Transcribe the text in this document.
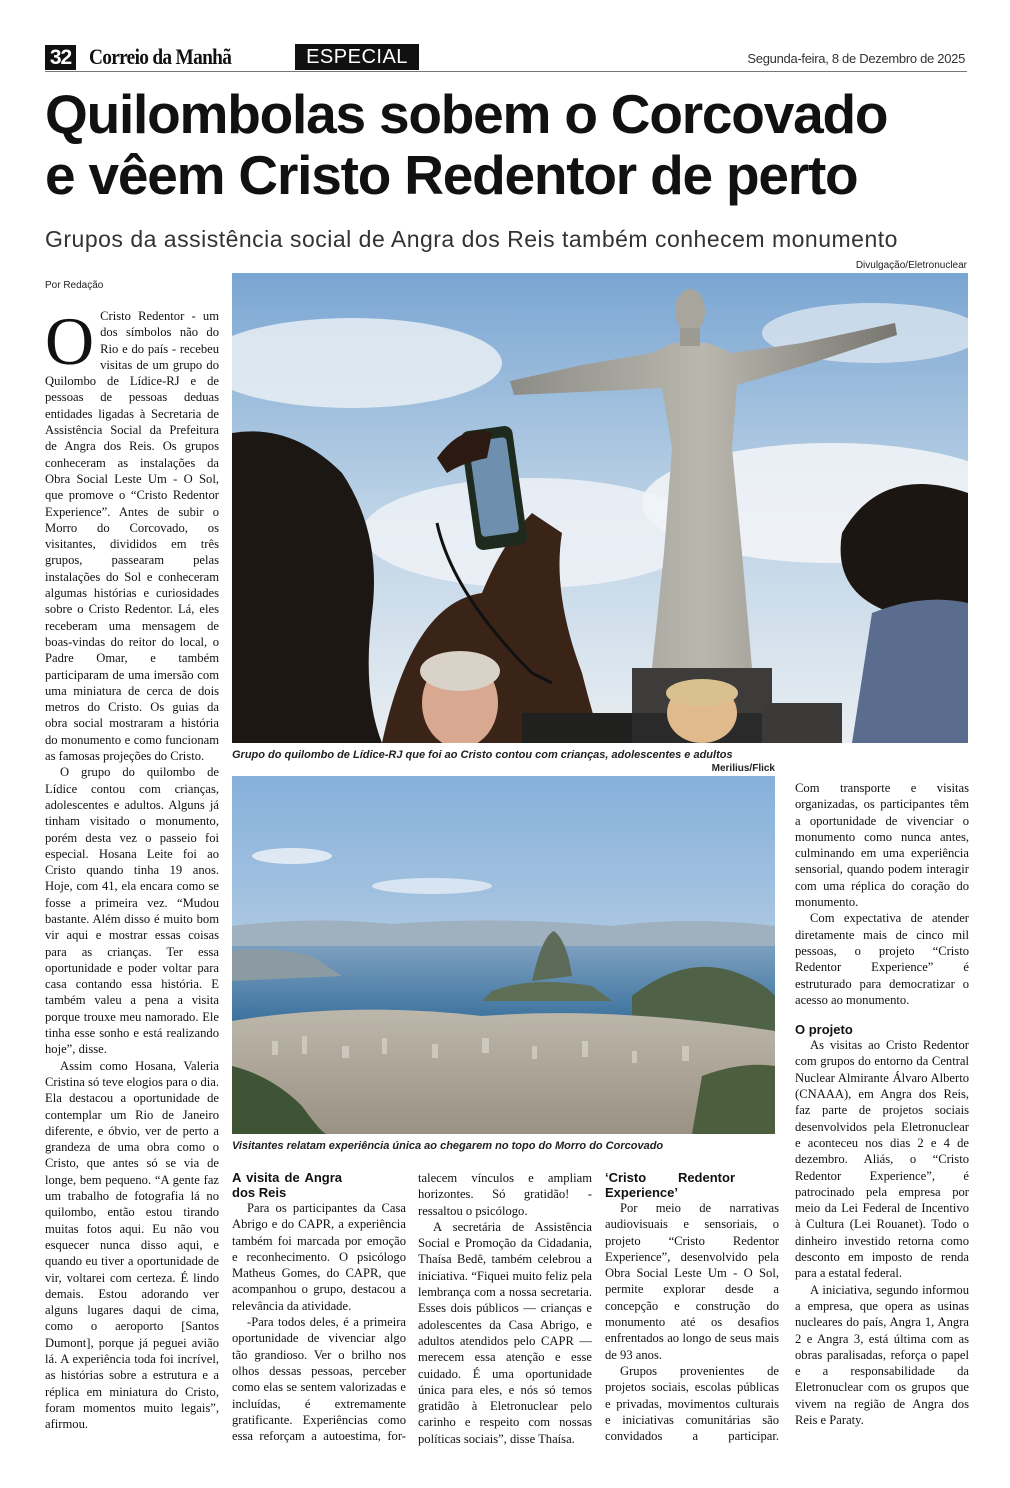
32 Correio da Manhã	ESPECIAL	Segunda-feira, 8 de Dezembro de 2025
Quilombolas sobem o Corcovado
e vêem Cristo Redentor de perto
Grupos da assistência social de Angra dos Reis também conhecem monumento
Por Redação
Divulgação/Eletronuclear
Grupo do quilombo de Lídice-RJ que foi ao Cristo contou com crianças, adolescentes e adultos
Merilius/Flick
Visitantes relatam experiência única ao chegarem no topo do Morro do Corcovado

O Cristo Redentor - um dos símbolos não do Rio e do país - recebeu visitas de um grupo do Quilombo de Lídice-RJ e de pessoas de pessoas deduas entidades ligadas à Secretaria de Assistência Social da Prefeitura de Angra dos Reis. Os grupos conheceram as instalações da Obra Social Leste Um - O Sol, que promove o “Cristo Redentor Experience”. Antes de subir o Morro do Corcovado, os visitantes, divididos em três grupos, passearam pelas instalações do Sol e conheceram algumas histórias e curiosidades sobre o Cristo Redentor. Lá, eles receberam uma mensagem de boas-vindas do reitor do local, o Padre Omar, e também participaram de uma imersão com uma miniatura de cerca de dois metros do Cristo. Os guias da obra social mostraram a história do monumento e como funcionam as famosas projeções do Cristo.

O grupo do quilombo de Lídice contou com crianças, adolescentes e adultos. Alguns já tinham visitado o monumento, porém desta vez o passeio foi especial. Hosana Leite foi ao Cristo quando tinha 19 anos. Hoje, com 41, ela encara como se fosse a primeira vez. “Mudou bastante. Além disso é muito bom vir aqui e mostrar essas coisas para as crianças. Ter essa oportunidade e poder voltar para casa contando essa história. E também valeu a pena a visita porque trouxe meu namorado. Ele tinha esse sonho e está realizando hoje”, disse.

Assim como Hosana, Valeria Cristina só teve elogios para o dia. Ela destacou a oportunidade de contemplar um Rio de Janeiro diferente, e óbvio, ver de perto a grandeza de uma obra como o Cristo, que antes só se via de longe, bem pequeno. “A gente faz um trabalho de fotografia lá no quilombo, então estou tirando muitas fotos aqui. Eu não vou esquecer nunca disso aqui, e quando eu tiver a oportunidade de vir, voltarei com certeza. É lindo demais. Estou adorando ver alguns lugares daqui de cima, como o aeroporto [Santos Dumont], porque já peguei avião lá. A experiência toda foi incrível, as histórias sobre a estrutura e a réplica em miniatura do Cristo, foram momentos muito legais”, afirmou.

A visita de Angra dos Reis

Para os participantes da Casa Abrigo e do CAPR, a experiência também foi marcada por emoção e reconhecimento. O psicólogo Matheus Gomes, do CAPR, que acompanhou o grupo, destacou a relevância da atividade.

-Para todos deles, é a primeira oportunidade de vivenciar algo tão grandioso. Ver o brilho nos olhos dessas pessoas, perceber como elas se sentem valorizadas e incluídas, é extremamente gratificante. Experiências como essa reforçam a autoestima, for-

talecem vínculos e ampliam horizontes. Só gratidão! - ressaltou o psicólogo.

A secretária de Assistência Social e Promoção da Cidadania, Thaísa Bedê, também celebrou a iniciativa. “Fiquei muito feliz pela lembrança com a nossa secretaria. Esses dois públicos — crianças e adolescentes da Casa Abrigo, e adultos atendidos pelo CAPR — merecem essa atenção e esse cuidado. É uma oportunidade única para eles, e nós só temos gratidão à Eletronuclear pelo carinho e respeito com nossas políticas sociais”, disse Thaísa.

‘Cristo Redentor Experience’

Por meio de narrativas audiovisuais e sensoriais, o projeto “Cristo Redentor Experience”, desenvolvido pela Obra Social Leste Um - O Sol, permite explorar desde a concepção e construção do monumento até os desafios enfrentados ao longo de seus mais de 93 anos.

Grupos provenientes de projetos sociais, escolas públicas e privadas, movimentos culturais e iniciativas comunitárias são convidados a participar.

Com transporte e visitas organizadas, os participantes têm a oportunidade de vivenciar o monumento como nunca antes, culminando em uma experiência sensorial, quando podem interagir com uma réplica do coração do monumento.

Com expectativa de atender diretamente mais de cinco mil pessoas, o projeto “Cristo Redentor Experience” é estruturado para democratizar o acesso ao monumento.

O projeto

As visitas ao Cristo Redentor com grupos do entorno da Central Nuclear Almirante Álvaro Alberto (CNAAA), em Angra dos Reis, faz parte de projetos sociais desenvolvidos pela Eletronuclear e aconteceu nos dias 2 e 4 de dezembro. Aliás, o “Cristo Redentor Experience”, é patrocinado pela empresa por meio da Lei Federal de Incentivo à Cultura (Lei Rouanet). Todo o dinheiro investido retorna como desconto em imposto de renda para a estatal federal.

A iniciativa, segundo informou a empresa, que opera as usinas nucleares do país, Angra 1, Angra 2 e Angra 3, está última com as obras paralisadas, reforça o papel e a responsabilidade da Eletronuclear com os grupos que vivem na região de Angra dos Reis e Paraty.
